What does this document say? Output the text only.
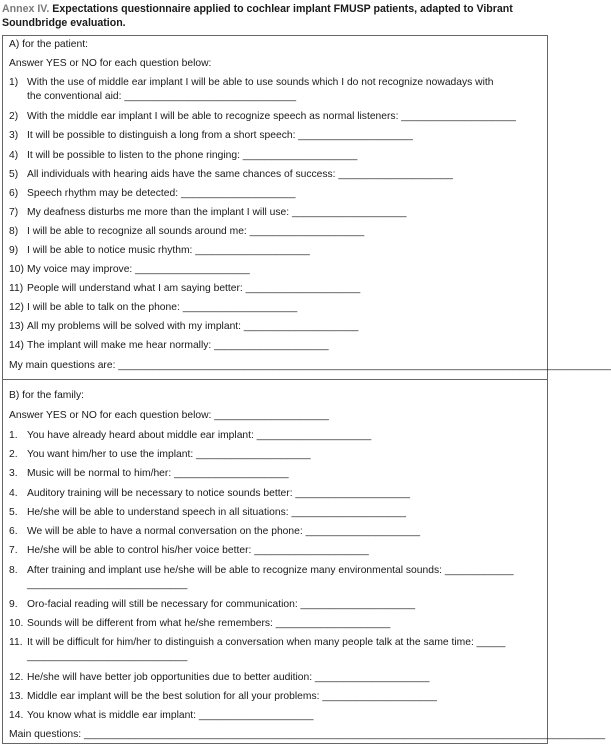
Annex IV. Expectations questionnaire applied to cochlear implant FMUSP patients, adapted to Vibrant Soundbridge evaluation.
A) for the patient:
Answer YES or NO for each question below:
1) With the use of middle ear implant I will be able to use sounds which I do not recognize nowadays with
the conventional aid: ______________________________
2) With the middle ear implant I will be able to recognize speech as normal listeners: ____________________
3) It will be possible to distinguish a long from a short speech: ____________________
4) It will be possible to listen to the phone ringing: ____________________
5) All individuals with hearing aids have the same chances of success: ____________________
6) Speech rhythm may be detected: ____________________
7) My deafness disturbs me more than the implant I will use: ____________________
8) I will be able to recognize all sounds around me: ____________________
9) I will be able to notice music rhythm: ____________________
10) My voice may improve: ____________________
11) People will understand what I am saying better: ____________________
12) I will be able to talk on the phone: ____________________
13) All my problems will be solved with my implant: ____________________
14) The implant will make me hear normally: ____________________
My main questions are: ______________________________________________________________________________________
B) for the family:
Answer YES or NO for each question below: ____________________
1. You have already heard about middle ear implant: ____________________
2. You want him/her to use the implant: ____________________
3. Music will be normal to him/her: ____________________
4. Auditory training will be necessary to notice sounds better: ____________________
5. He/she will be able to understand speech in all situations: ____________________
6. We will be able to have a normal conversation on the phone: ____________________
7. He/she will be able to control his/her voice better: ____________________
8. After training and implant use he/she will be able to recognize many environmental sounds: ____________
____________________________
9. Oro-facial reading will still be necessary for communication: ____________________
10. Sounds will be different from what he/she remembers: ____________________
11. It will be difficult for him/her to distinguish a conversation when many people talk at the same time: _____
____________________________
12. He/she will have better job opportunities due to better audition: ____________________
13. Middle ear implant will be the best solution for all your problems: ____________________
14. You know what is middle ear implant: ____________________
Main questions: ___________________________________________________________________________________________
